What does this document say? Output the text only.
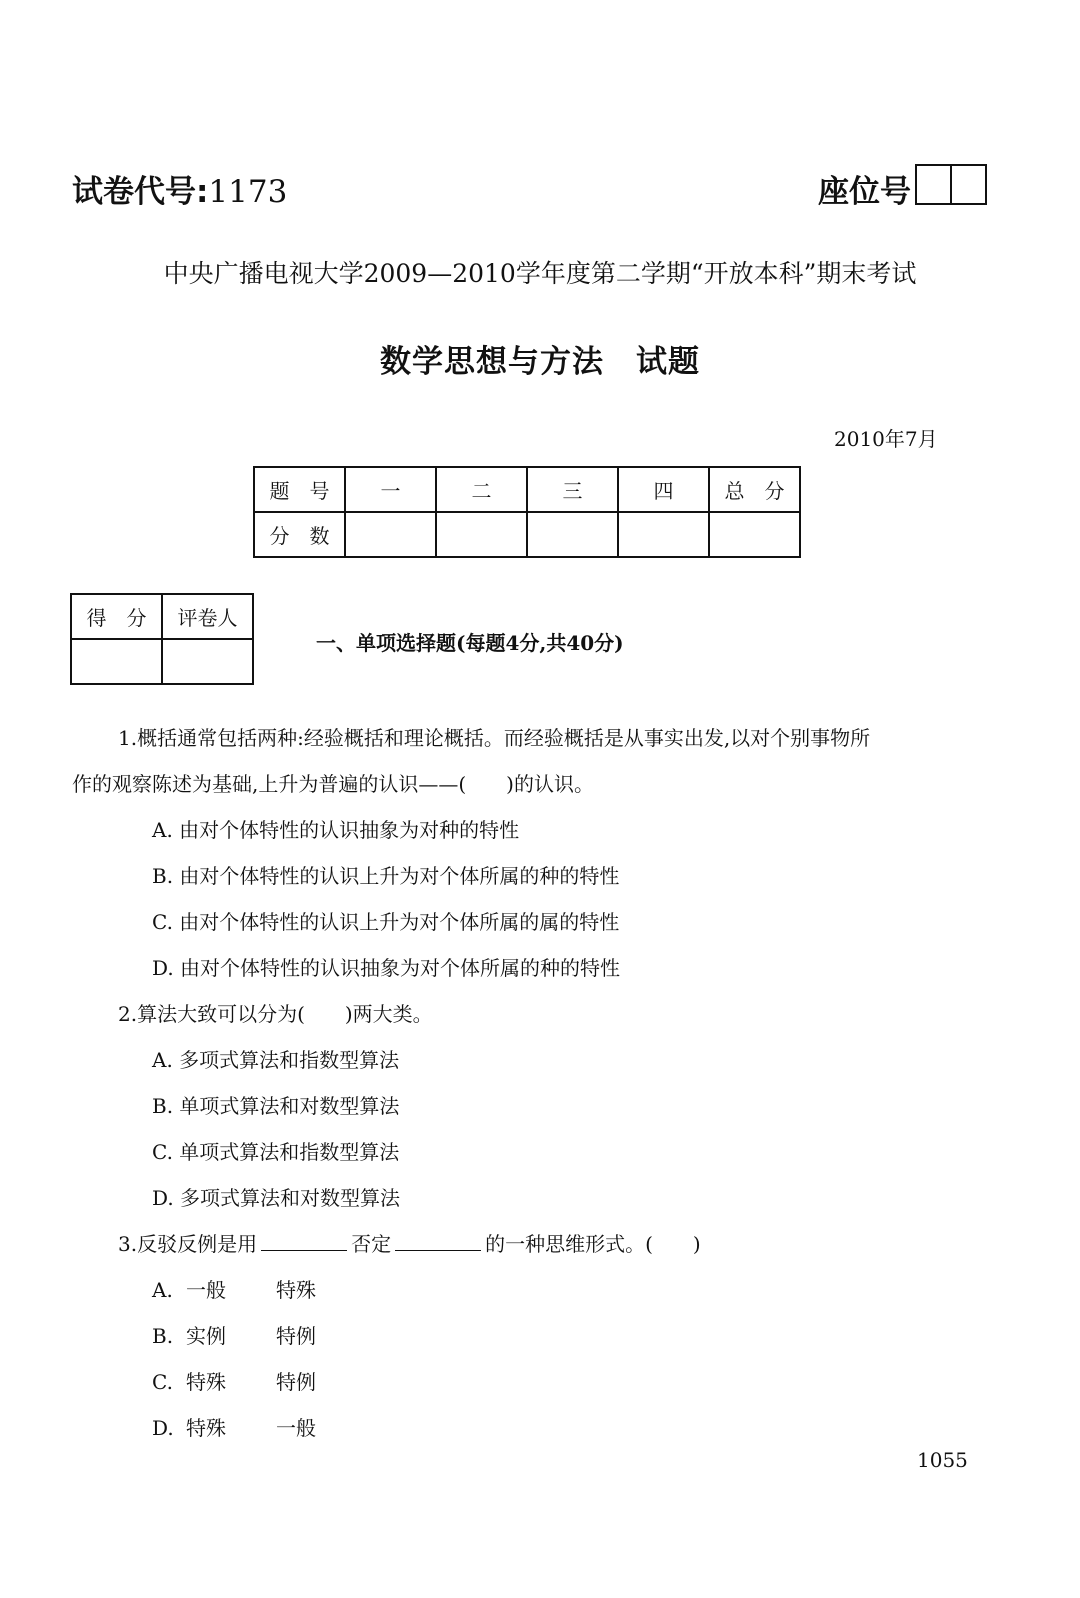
试卷代号:1173	座位号
中央广播电视大学2009—2010学年度第二学期“开放本科”期末考试
数学思想与方法　试题
2010年7月
题　号	一	二	三	四	总　分
分　数					
得　分	评卷人

一、单项选择题(每题4分,共40分)
1.概括通常包括两种:经验概括和理论概括。而经验概括是从事实出发,以对个别事物所
作的观察陈述为基础,上升为普遍的认识——(　　)的认识。
A. 由对个体特性的认识抽象为对种的特性
B. 由对个体特性的认识上升为对个体所属的种的特性
C. 由对个体特性的认识上升为对个体所属的属的特性
D. 由对个体特性的认识抽象为对个体所属的种的特性
2.算法大致可以分为(　　)两大类。
A. 多项式算法和指数型算法
B. 单项式算法和对数型算法
C. 单项式算法和指数型算法
D. 多项式算法和对数型算法
3.反驳反例是用	否定	的一种思维形式。(　　)
A. 一般	特殊
B. 实例	特例
C. 特殊	特例
D. 特殊	一般
1055
